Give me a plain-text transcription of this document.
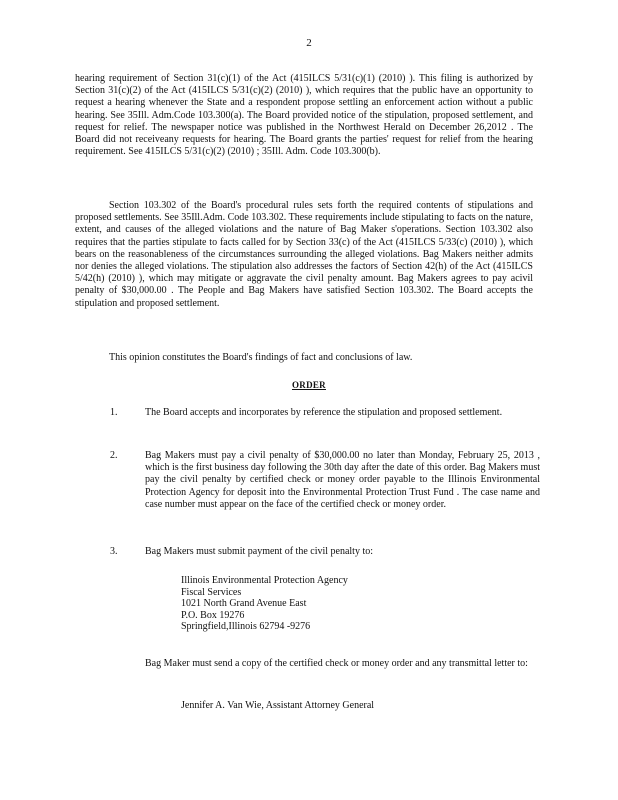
2

hearing requirement of Section 31(c)(1) of the Act (415ILCS 5/31(c)(1) (2010) ). This filing is authorized by Section 31(c)(2) of the Act (415ILCS 5/31(c)(2) (2010) ), which requires that the public have an opportunity to request a hearing whenever the State and a respondent propose settling an enforcement action without a public hearing. See 35Ill. Adm.Code 103.300(a). The Board provided notice of the stipulation, proposed settlement, and request for relief. The newspaper notice was published in the Northwest Herald on December 26,2012 . The Board did not receiveany requests for hearing. The Board grants the parties' request for relief from the hearing requirement. See 415ILCS 5/31(c)(2) (2010) ; 35Ill. Adm. Code 103.300(b).

Section 103.302 of the Board's procedural rules sets forth the required contents of stipulations and proposed settlements. See 35Ill.Adm. Code 103.302. These requirements include stipulating to facts on the nature, extent, and causes of the alleged violations and the nature of Bag Maker s'operations. Section 103.302 also requires that the parties stipulate to facts called for by Section 33(c) of the Act (415ILCS 5/33(c) (2010) ), which bears on the reasonableness of the circumstances surrounding the alleged violations. Bag Makers neither admits nor denies the alleged violations. The stipulation also addresses the factors of Section 42(h) of the Act (415ILCS 5/42(h) (2010) ), which may mitigate or aggravate the civil penalty amount. Bag Makers agrees to pay acivil penalty of $30,000.00 . The People and Bag Makers have satisfied Section 103.302. The Board accepts the stipulation and proposed settlement.

This opinion constitutes the Board's findings of fact and conclusions of law.

ORDER
1.	The Board accepts and incorporates by reference the stipulation and proposed settlement.
2.	Bag Makers must pay a civil penalty of $30,000.00 no later than Monday, February 25, 2013 , which is the first business day following the 30th day after the date of this order. Bag Makers must pay the civil penalty by certified check or money order payable to the Illinois Environmental Protection Agency for deposit into the Environmental Protection Trust Fund . The case name and case number must appear on the face of the certified check or money order.
3.	Bag Makers must submit payment of the civil penalty to:
Illinois Environmental Protection Agency
Fiscal Services
1021 North Grand Avenue East
P.O. Box 19276
Springfield,Illinois 62794 -9276
Bag Maker must send a copy of the certified check or money order and any transmittal letter to:
Jennifer A. Van Wie, Assistant Attorney General
